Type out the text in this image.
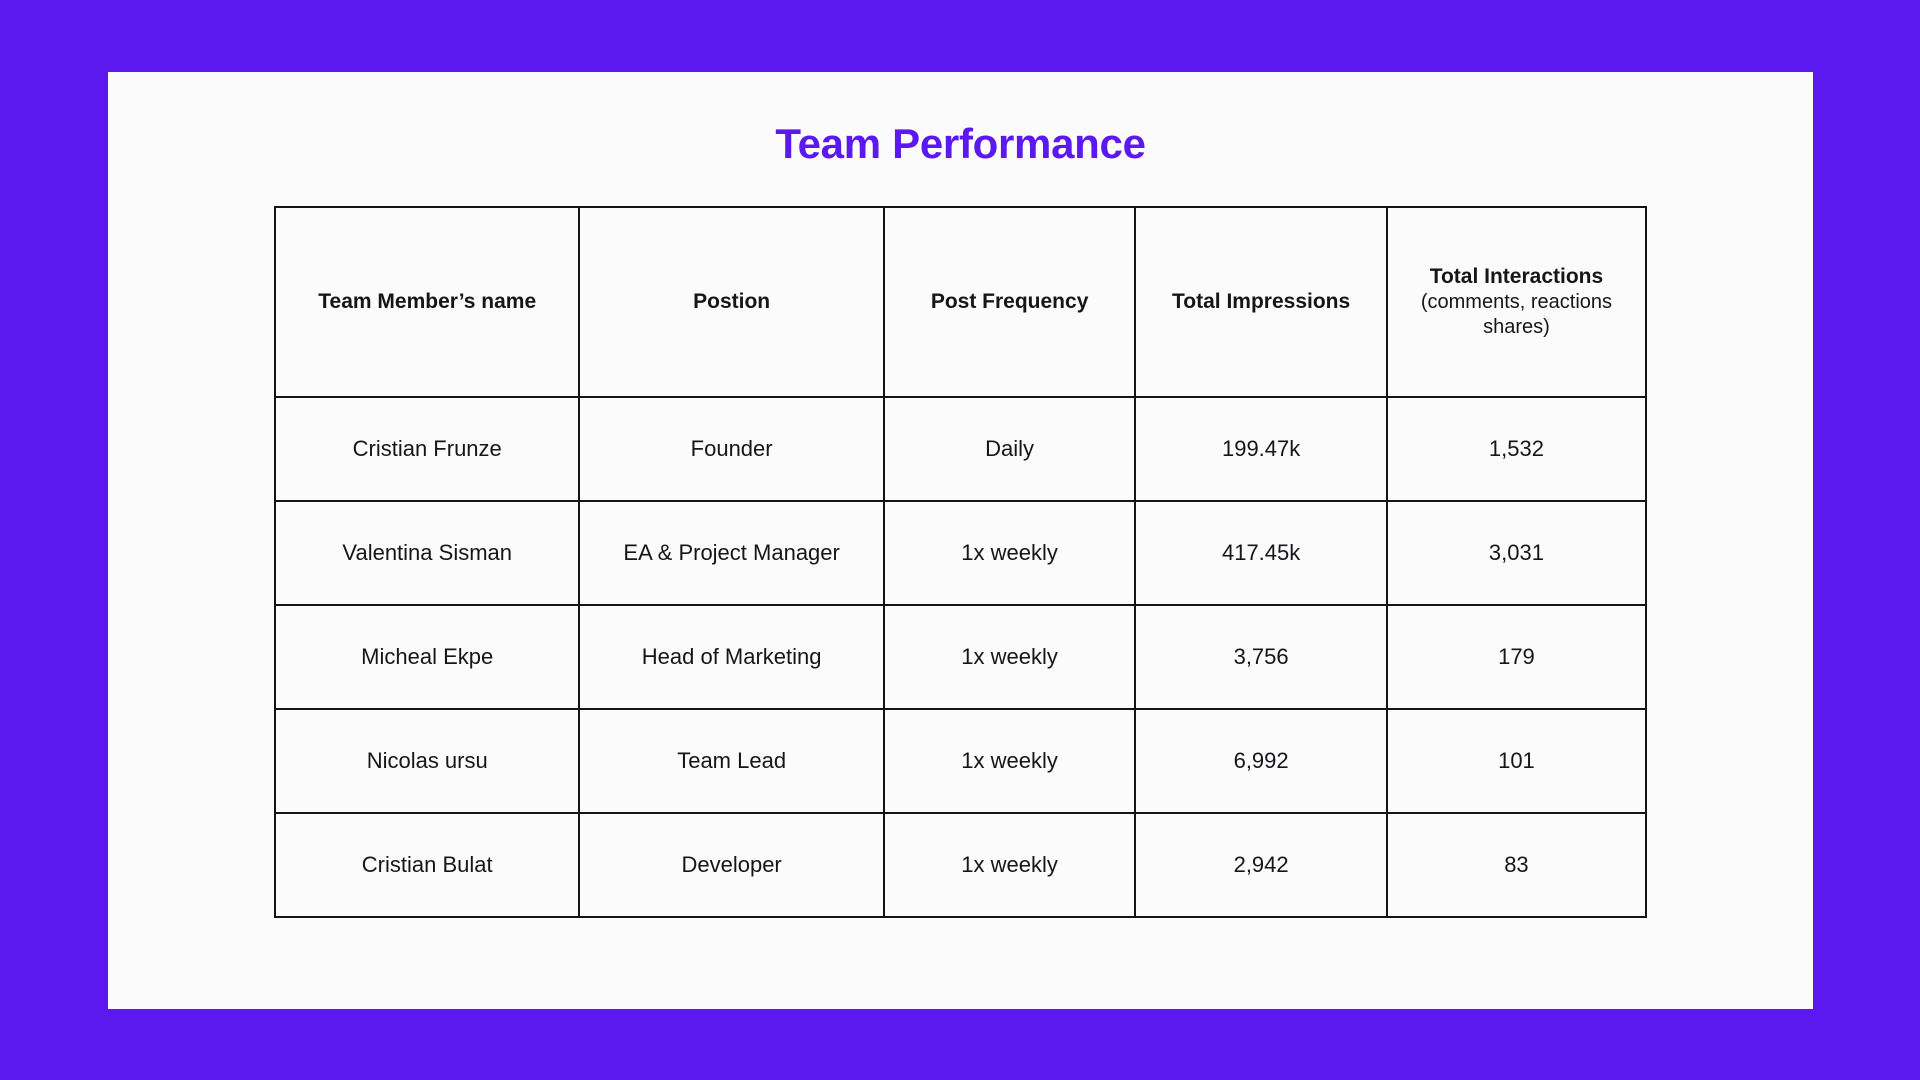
Team Performance
Team Member’s name	Postion	Post Frequency	Total Impressions	Total Interactions
(comments, reactions shares)

Cristian Frunze	Founder	Daily	199.47k	1,532
Valentina Sisman	EA & Project Manager	1x weekly	417.45k	3,031
Micheal Ekpe	Head of Marketing	1x weekly	3,756	179
Nicolas ursu	Team Lead	1x weekly	6,992	101
Cristian Bulat	Developer	1x weekly	2,942	83
